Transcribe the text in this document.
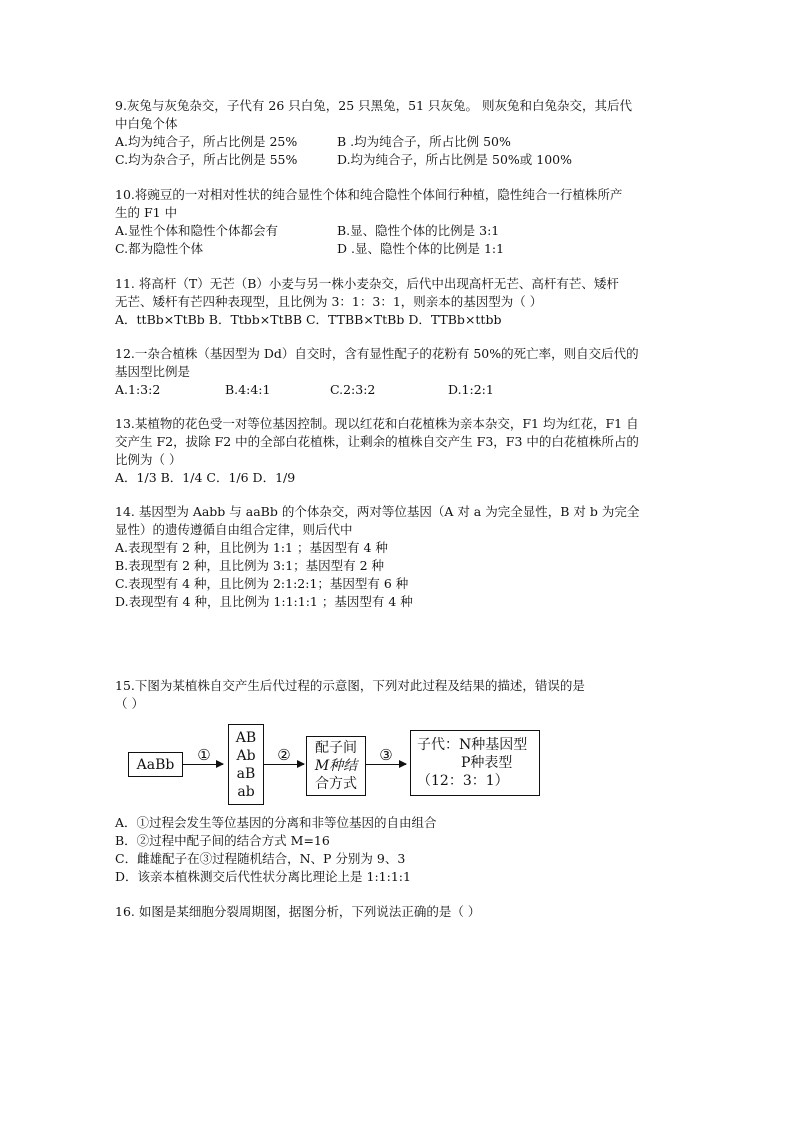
9.灰兔与灰兔杂交，子代有 26 只白兔，25 只黑兔，51 只灰兔。 则灰兔和白兔杂交，其后代
中白兔个体
A.均为纯合子，所占比例是 25%	B .均为纯合子，所占比例 50%
C.均为杂合子，所占比例是 55%	D.均为纯合子，所占比例是 50%或 100%
10.将豌豆的一对相对性状的纯合显性个体和纯合隐性个体间行种植，隐性纯合一行植株所产
生的 F1 中
A.显性个体和隐性个体都会有	B.显、隐性个体的比例是 3:1
C.都为隐性个体	D .显、隐性个体的比例是 1:1
11. 将高杆（T）无芒（B）小麦与另一株小麦杂交，后代中出现高杆无芒、高杆有芒、矮杆
无芒、矮杆有芒四种表现型，且比例为 3：1：3：1，则亲本的基因型为（ ）
A．ttBb×TtBb B．Ttbb×TtBB C．TTBB×TtBb D．TTBb×ttbb
12.一杂合植株（基因型为 Dd）自交时，含有显性配子的花粉有 50%的死亡率，则自交后代的
基因型比例是
A.1:3:2	B.4:4:1	C.2:3:2	D.1:2:1
13.某植物的花色受一对等位基因控制。现以红花和白花植株为亲本杂交，F1 均为红花，F1 自
交产生 F2，拔除 F2 中的全部白花植株，让剩余的植株自交产生 F3，F3 中的白花植株所占的
比例为（ ）
A．1/3 B．1/4 C．1/6 D．1/9
14. 基因型为 Aabb 与 aaBb 的个体杂交，两对等位基因（A 对 a 为完全显性，B 对 b 为完全
显性）的遗传遵循自由组合定律，则后代中
A.表现型有 2 种，且比例为 1:1 ；基因型有 4 种
B.表现型有 2 种，且比例为 3:1；基因型有 2 种
C.表现型有 4 种，且比例为 2:1:2:1；基因型有 6 种
D.表现型有 4 种，且比例为 1:1:1:1 ；基因型有 4 种
15.下图为某植株自交产生后代过程的示意图，下列对此过程及结果的描述，错误的是
（ ）
AaBb
①
AB
Ab
aB
ab
② 配子间
M种结
合方式
③
子代：N种基因型
P种表型
（12：3：1）
A．①过程会发生等位基因的分离和非等位基因的自由组合
B．②过程中配子间的结合方式 M=16
C．雌雄配子在③过程随机结合，N、P 分别为 9、3
D．该亲本植株测交后代性状分离比理论上是 1:1:1:1
16. 如图是某细胞分裂周期图，据图分析，下列说法正确的是（ ）
